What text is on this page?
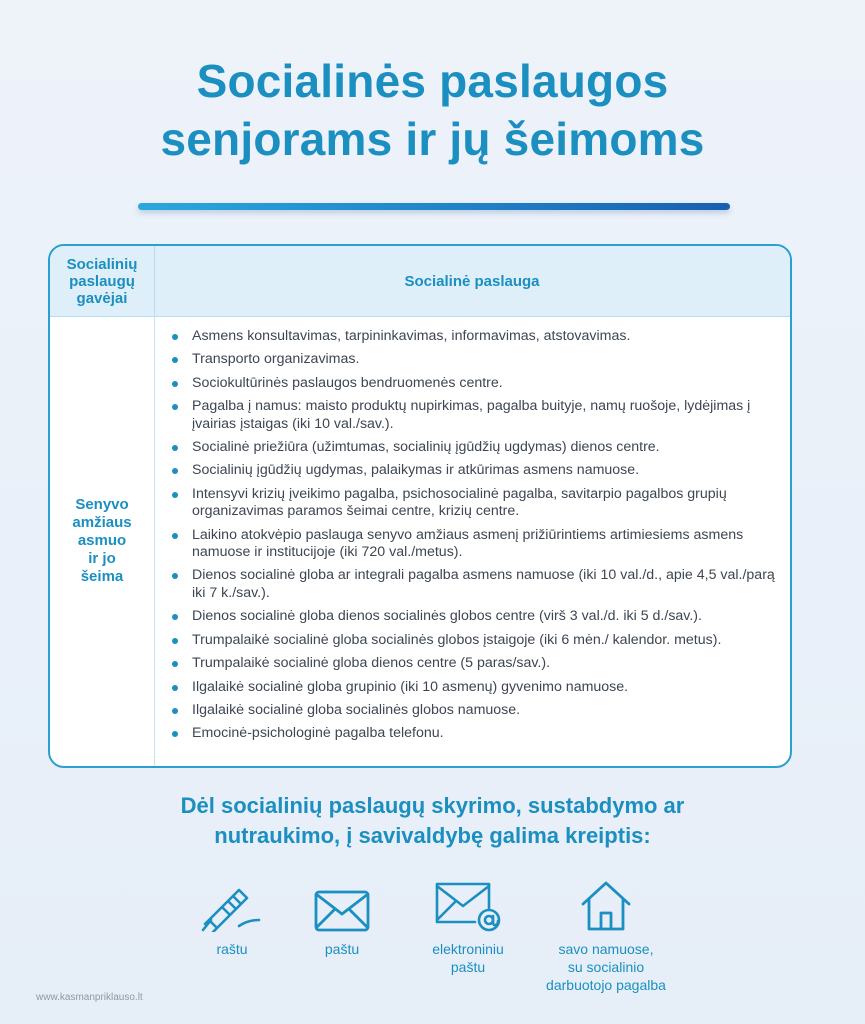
Socialinės paslaugos
senjorams ir jų šeimoms
Socialinių
paslaugų
gavėjai
Socialinė paslauga
Senyvo
amžiaus
asmuo
ir jo
šeima
Asmens konsultavimas, tarpininkavimas, informavimas, atstovavimas.
Transporto organizavimas.
Sociokultūrinės paslaugos bendruomenės centre.
Pagalba į namus: maisto produktų nupirkimas, pagalba buityje, namų ruošoje, lydėjimas į įvairias įstaigas (iki 10 val./sav.).
Socialinė priežiūra (užimtumas, socialinių įgūdžių ugdymas) dienos centre.
Socialinių įgūdžių ugdymas, palaikymas ir atkūrimas asmens namuose.
Intensyvi krizių įveikimo pagalba, psichosocialinė pagalba, savitarpio pagalbos grupių organizavimas paramos šeimai centre, krizių centre.
Laikino atokvėpio paslauga senyvo amžiaus asmenį prižiūrintiems artimiesiems asmens namuose ir institucijoje (iki 720 val./metus).
Dienos socialinė globa ar integrali pagalba asmens namuose (iki 10 val./d., apie 4,5 val./parą iki 7 k./sav.).
Dienos socialinė globa dienos socialinės globos centre (virš 3 val./d. iki 5 d./sav.).
Trumpalaikė socialinė globa socialinės globos įstaigoje (iki 6 mėn./ kalendor. metus).
Trumpalaikė socialinė globa dienos centre (5 paras/sav.).
Ilgalaikė socialinė globa grupinio (iki 10 asmenų) gyvenimo namuose.
Ilgalaikė socialinė globa socialinės globos namuose.
Emocinė-psichologinė pagalba telefonu.
Dėl socialinių paslaugų skyrimo, sustabdymo ar
nutraukimo, į savivaldybę galima kreiptis:
raštu	paštu	elektroniniu
paštu
savo namuose,
su socialinio
darbuotojo pagalba
www.kasmanpriklauso.lt
